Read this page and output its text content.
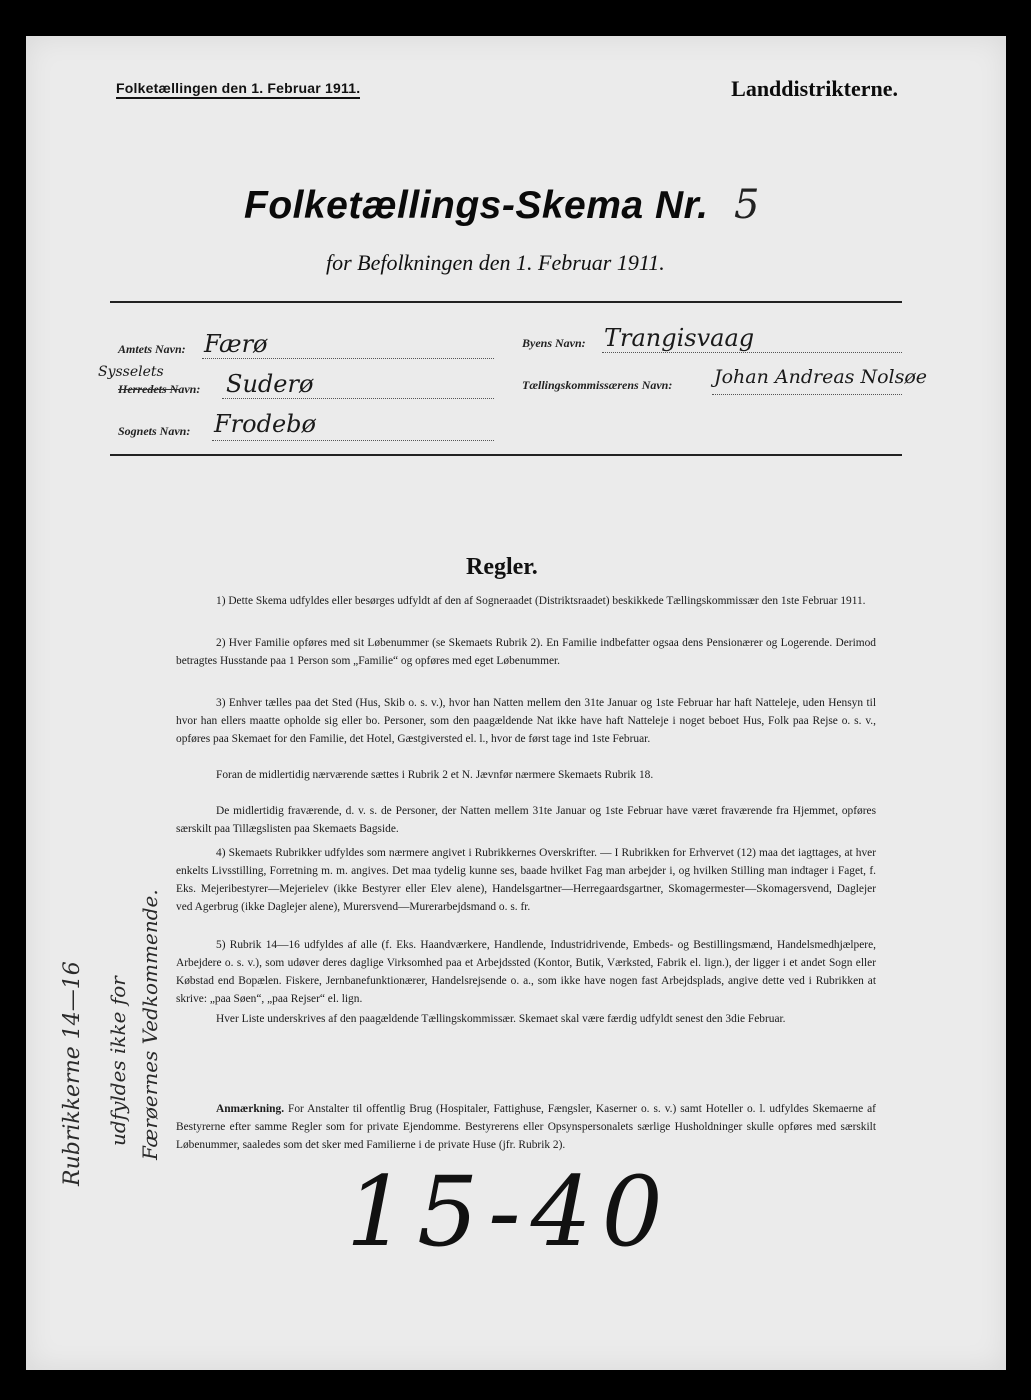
Folketællingen den 1. Februar 1911.	Landdistrikterne.
Folketællings-Skema Nr. 5
for Befolkningen den 1. Februar 1911.
Amtets Navn: Færø
Sysselets
Herredets Navn: Suderø
Sognets Navn: Frodebø
Byens Navn: Trangisvaag
Tællingskommissærens Navn: Johan Andreas Nolsøe
Regler.
1) Dette Skema udfyldes eller besørges udfyldt af den af Sogneraadet (Distriktsraadet) beskikkede Tællingskommissær den 1ste Februar 1911.
2) Hver Familie opføres med sit Løbenummer (se Skemaets Rubrik 2). En Familie indbefatter ogsaa dens Pensionærer og Logerende. Derimod betragtes Husstande paa 1 Person som „Familie“ og opføres med eget Løbenummer.
3) Enhver tælles paa det Sted (Hus, Skib o. s. v.), hvor han Natten mellem den 31te Januar og 1ste Februar har haft Natteleje, uden Hensyn til hvor han ellers maatte opholde sig eller bo. Personer, som den paagældende Nat ikke have haft Natteleje i noget beboet Hus, Folk paa Rejse o. s. v., opføres paa Skemaet for den Familie, det Hotel, Gæstgiversted el. l., hvor de først tage ind 1ste Februar.
Foran de midlertidig nærværende sættes i Rubrik 2 et N. Jævnfør nærmere Skemaets Rubrik 18.
De midlertidig fraværende, d. v. s. de Personer, der Natten mellem 31te Januar og 1ste Februar have været fraværende fra Hjemmet, opføres særskilt paa Tillægslisten paa Skemaets Bagside.
4) Skemaets Rubrikker udfyldes som nærmere angivet i Rubrikkernes Overskrifter. — I Rubrikken for Erhvervet (12) maa det iagttages, at hver enkelts Livsstilling, Forretning m. m. angives. Det maa tydelig kunne ses, baade hvilket Fag man arbejder i, og hvilken Stilling man indtager i Faget, f. Eks. Mejeribestyrer—Mejerielev (ikke Bestyrer eller Elev alene), Handelsgartner—Herregaardsgartner, Skomagermester—Skomagersvend, Daglejer ved Agerbrug (ikke Daglejer alene), Murersvend—Murerarbejdsmand o. s. fr.
5) Rubrik 14—16 udfyldes af alle (f. Eks. Haandværkere, Handlende, Industridrivende, Embeds- og Bestillingsmænd, Handelsmedhjælpere, Arbejdere o. s. v.), som udøver deres daglige Virksomhed paa et Arbejdssted (Kontor, Butik, Værksted, Fabrik el. lign.), der ligger i et andet Sogn eller Købstad end Bopælen. Fiskere, Jernbanefunktionærer, Handelsrejsende o. a., som ikke have nogen fast Arbejdsplads, angive dette ved i Rubrikken at skrive: „paa Søen“, „paa Rejser“ el. lign.
Hver Liste underskrives af den paagældende Tællingskommissær. Skemaet skal være færdig udfyldt senest den 3die Februar.
Anmærkning. For Anstalter til offentlig Brug (Hospitaler, Fattighuse, Fængsler, Kaserner o. s. v.) samt Hoteller o. l. udfyldes Skemaerne af Bestyrerne efter samme Regler som for private Ejendomme. Bestyrerens eller Opsynspersonalets særlige Husholdninger skulle opføres med særskilt Løbenummer, saaledes som det sker med Familierne i de private Huse (jfr. Rubrik 2).
Rubrikkerne 14—16 udfyldes ikke for Færøernes Vedkommende.
15-40
